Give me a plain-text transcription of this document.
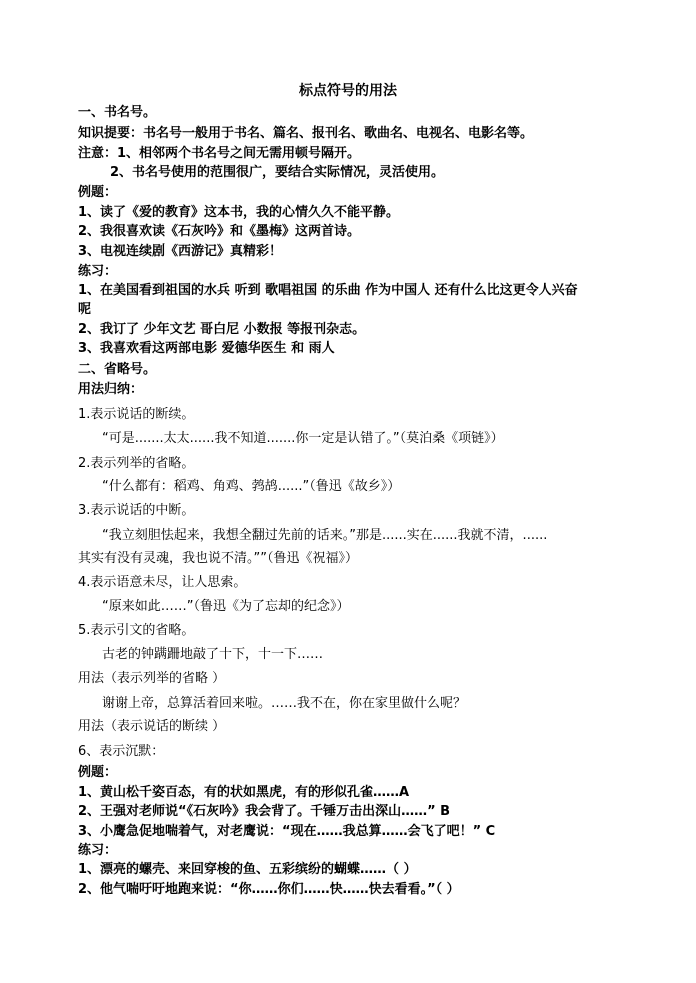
标点符号的用法
一、书名号。
知识提要：书名号一般用于书名、篇名、报刊名、歌曲名、电视名、电影名等。
注意：1、相邻两个书名号之间无需用顿号隔开。
2、书名号使用的范围很广，要结合实际情况，灵活使用。
例题：
1、读了《爱的教育》这本书，我的心情久久不能平静。
2、我很喜欢读《石灰吟》和《墨梅》这两首诗。
3、电视连续剧《西游记》真精彩！
练习：
1、在美国看到祖国的水兵 听到 歌唱祖国 的乐曲 作为中国人 还有什么比这更令人兴奋
呢
2、我订了 少年文艺 哥白尼 小数报 等报刊杂志。
3、我喜欢看这两部电影 爱德华医生 和 雨人
二、省略号。
用法归纳：
1.表示说话的断续。
“可是.......太太......我不知道.......你一定是认错了。”（莫泊桑《项链》）
2.表示列举的省略。
“什么都有：稻鸡、角鸡、鹁鸪......”（鲁迅《故乡》）
3.表示说话的中断。
“我立刻胆怯起来，我想全翻过先前的话来。”那是......实在......我就不清，......
其实有没有灵魂，我也说不清。””（鲁迅《祝福》）
4.表示语意未尽，让人思索。
“原来如此……”（鲁迅《为了忘却的纪念》）
5.表示引文的省略。
古老的钟蹒跚地敲了十下，十一下……
用法（表示列举的省略 ）
谢谢上帝，总算活着回来啦。……我不在，你在家里做什么呢？
用法（表示说话的断续 ）
6、表示沉默：
例题：
1、黄山松千姿百态，有的状如黑虎，有的形似孔雀……A
2、王强对老师说“《石灰吟》我会背了。千锤万击出深山……” B
3、小鹰急促地喘着气，对老鹰说：“现在……我总算……会飞了吧！” C
练习：
1、漂亮的螺壳、来回穿梭的鱼、五彩缤纷的蝴蝶……（ ）
2、他气喘吁吁地跑来说：“你……你们……快……快去看看。”（ ）
